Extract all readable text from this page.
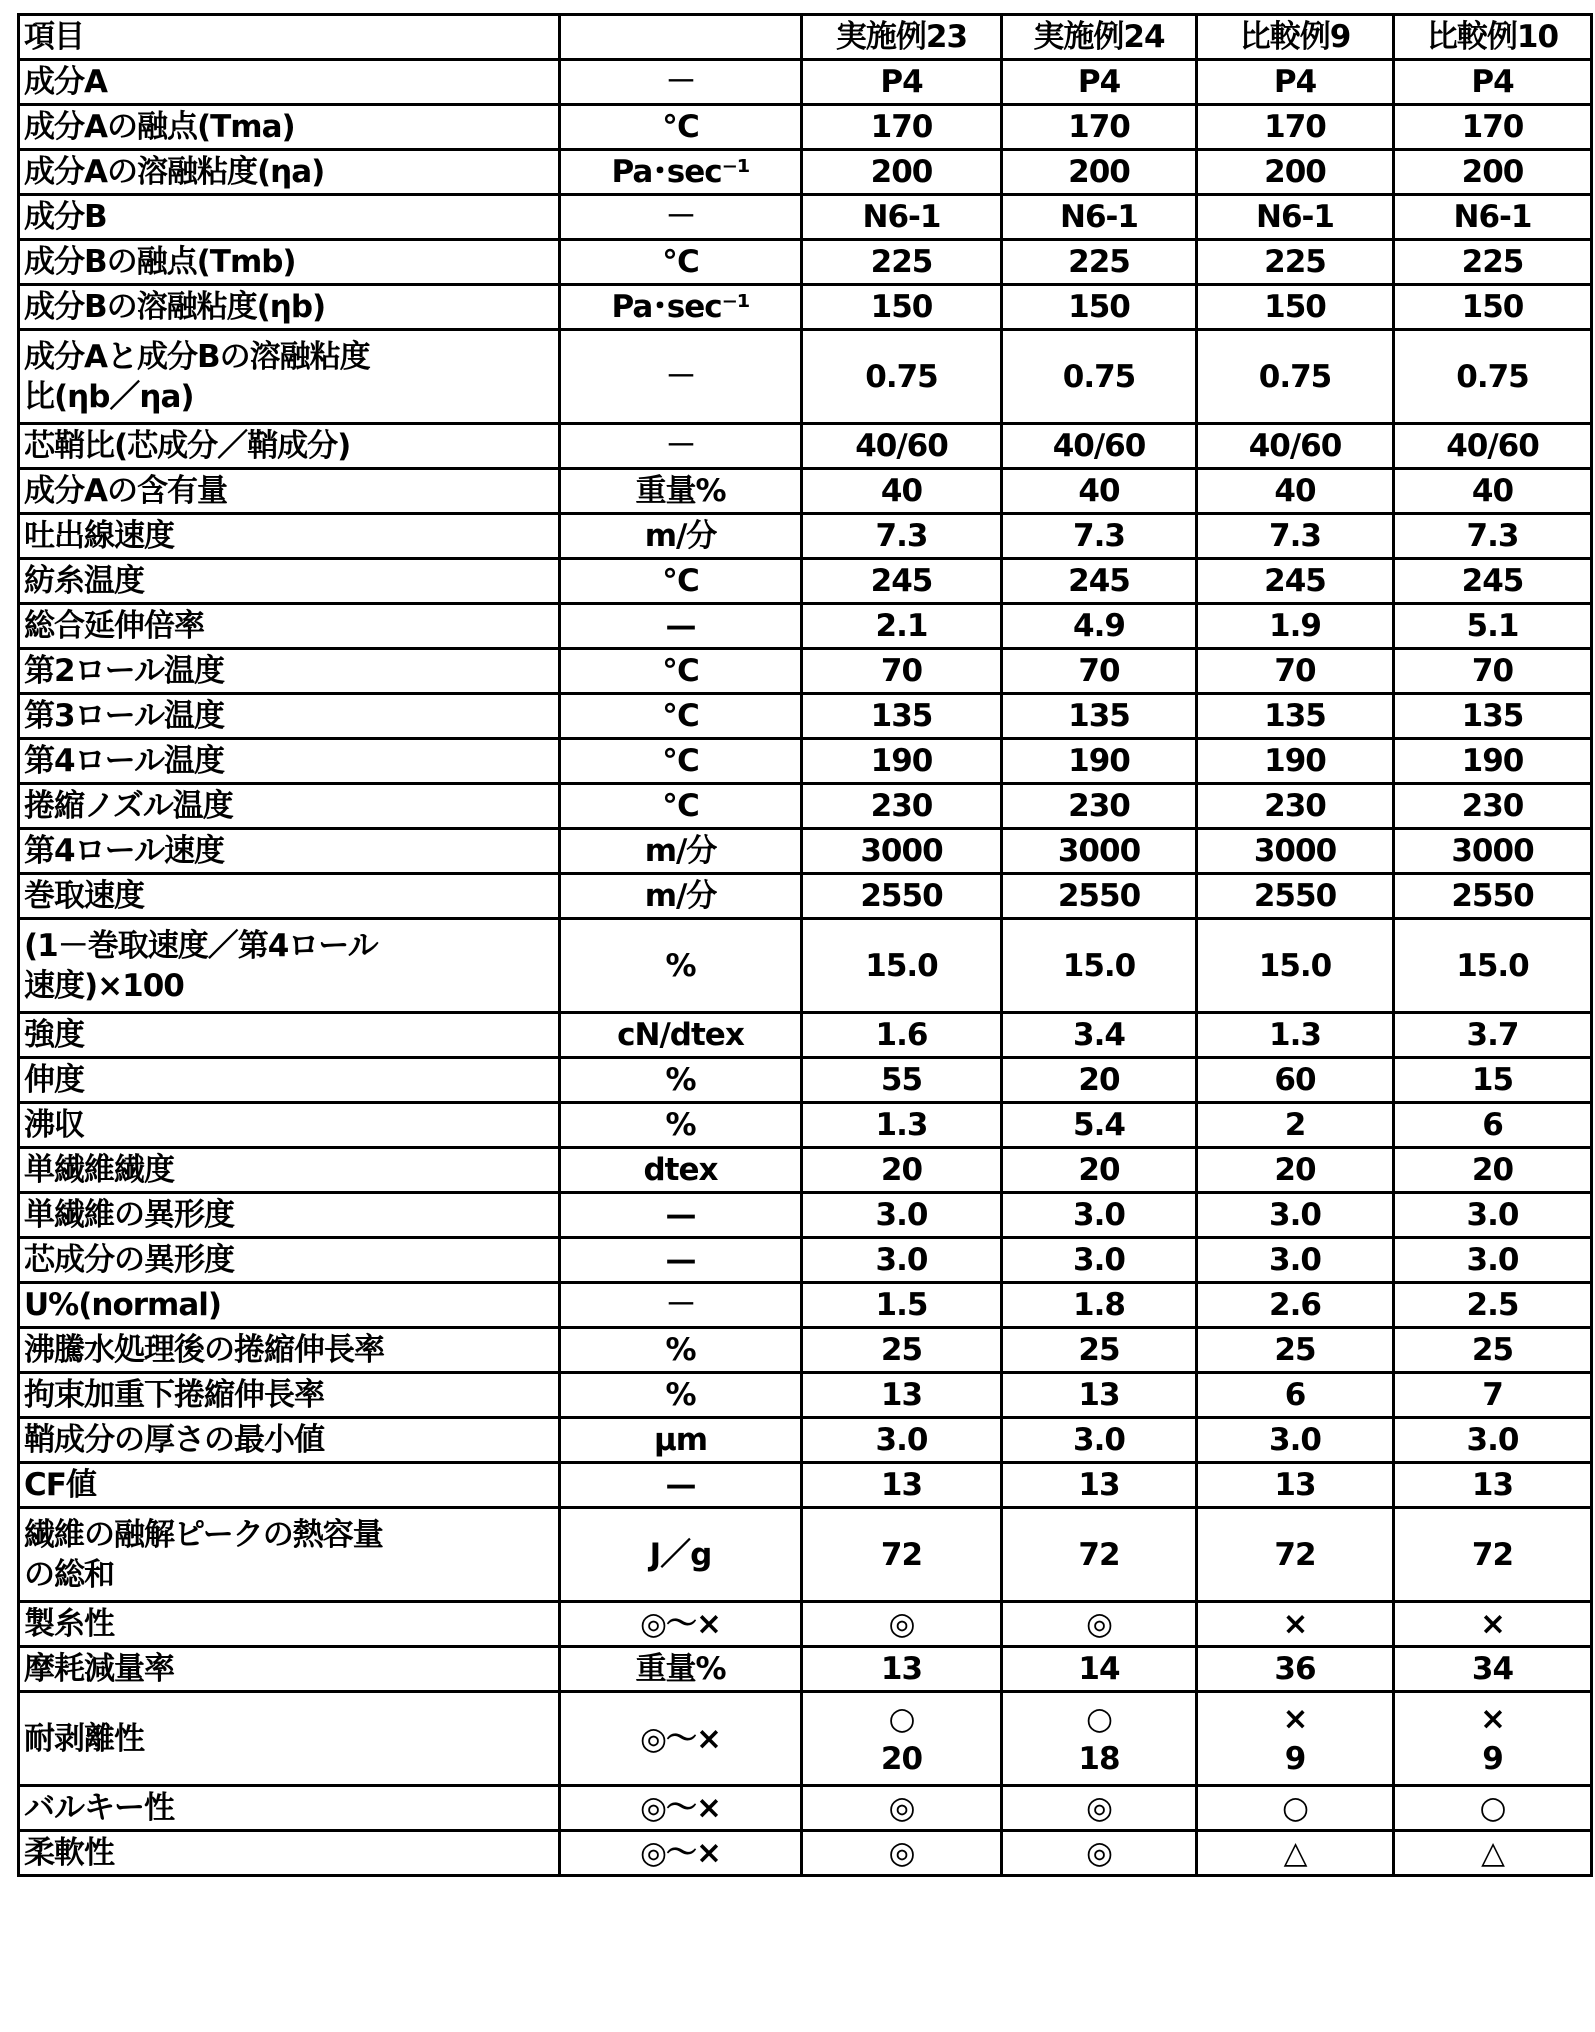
項目		実施例23	実施例24	比較例9	比較例10
成分A	－	P4	P4	P4	P4
成分Aの融点(Tma)	℃	170	170	170	170
成分Aの溶融粘度(ηa)	Pa･sec⁻¹	200	200	200	200
成分B	－	N6-1	N6-1	N6-1	N6-1
成分Bの融点(Tmb)	℃	225	225	225	225
成分Bの溶融粘度(ηb)	Pa･sec⁻¹	150	150	150	150
成分Aと成分Bの溶融粘度
比(ηb／ηa)	－	0.75	0.75	0.75	0.75
芯鞘比(芯成分／鞘成分)	－	40/60	40/60	40/60	40/60
成分Aの含有量	重量%	40	40	40	40
吐出線速度	m/分	7.3	7.3	7.3	7.3
紡糸温度	℃	245	245	245	245
総合延伸倍率	—	2.1	4.9	1.9	5.1
第2ロール温度	℃	70	70	70	70
第3ロール温度	℃	135	135	135	135
第4ロール温度	℃	190	190	190	190
捲縮ノズル温度	℃	230	230	230	230
第4ロール速度	m/分	3000	3000	3000	3000
巻取速度	m/分	2550	2550	2550	2550
(1－巻取速度／第4ロール
速度)×100	%	15.0	15.0	15.0	15.0
強度	cN/dtex	1.6	3.4	1.3	3.7
伸度	%	55	20	60	15
沸収	%	1.3	5.4	2	6
単繊維繊度	dtex	20	20	20	20
単繊維の異形度	—	3.0	3.0	3.0	3.0
芯成分の異形度	—	3.0	3.0	3.0	3.0
U%(normal)	－	1.5	1.8	2.6	2.5
沸騰水処理後の捲縮伸長率	%	25	25	25	25
拘束加重下捲縮伸長率	%	13	13	6	7
鞘成分の厚さの最小値	μm	3.0	3.0	3.0	3.0
CF値	—	13	13	13	13
繊維の融解ピークの熱容量
の総和	J／g	72	72	72	72
製糸性	◎～×	◎	◎	×	×
摩耗減量率	重量%	13	14	36	34
耐剥離性	◎～×	○
20	○
18	×
9	×
9
バルキー性	◎～×	◎	◎	○	○
柔軟性	◎～×	◎	◎	△	△
